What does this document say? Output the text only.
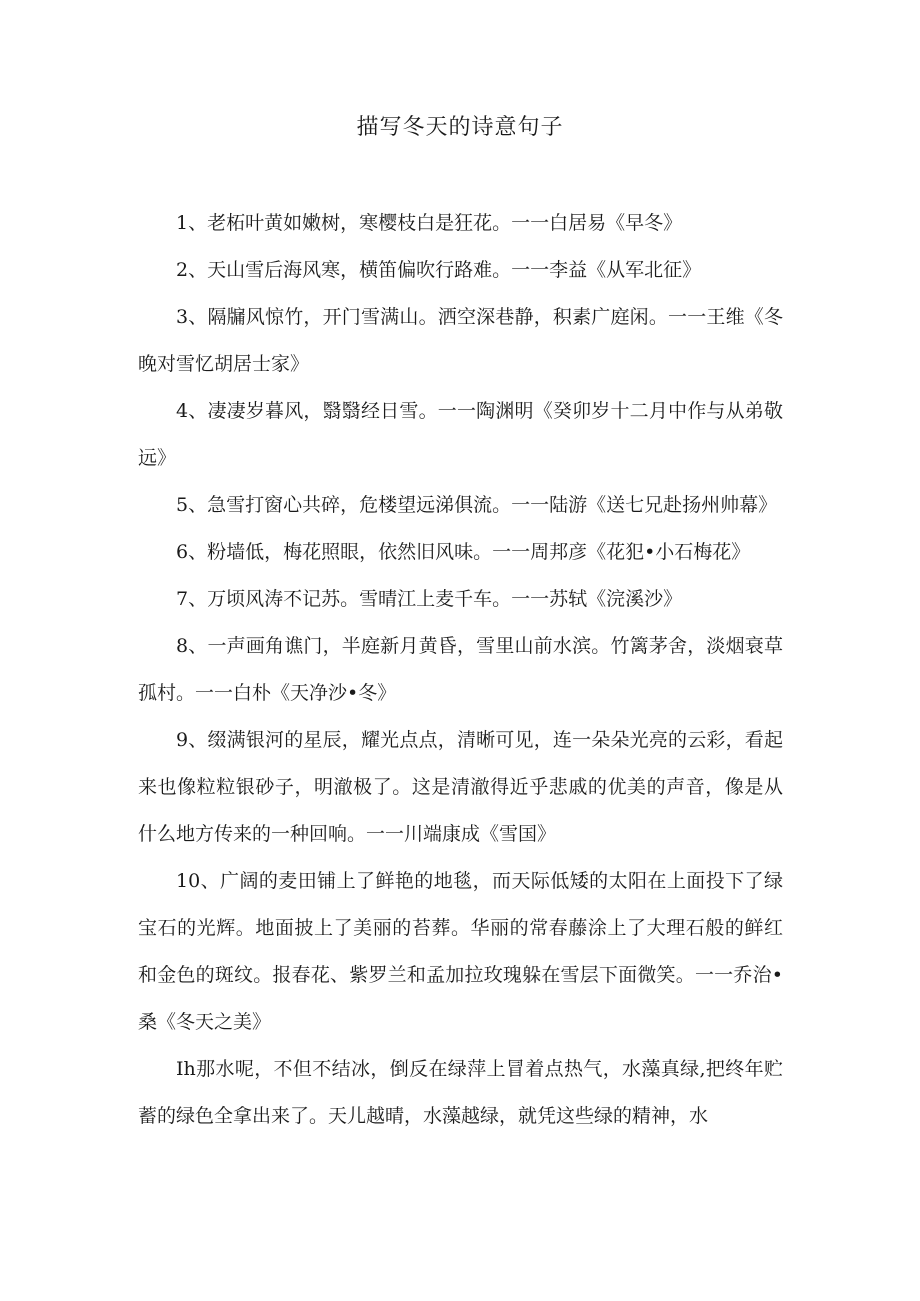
描写冬天的诗意句子

1、老柘叶黄如嫩树，寒樱枝白是狂花。一一白居易《早冬》

2、天山雪后海风寒，横笛偏吹行路难。一一李益《从军北征》

3、隔牖风惊竹，开门雪满山。洒空深巷静，积素广庭闲。一一王维《冬晚对雪忆胡居士家》

4、凄凄岁暮风，翳翳经日雪。一一陶渊明《癸卯岁十二月中作与从弟敬远》

5、急雪打窗心共碎，危楼望远涕俱流。一一陆游《送七兄赴扬州帅幕》

6、粉墙低，梅花照眼，依然旧风味。一一周邦彦《花犯•小石梅花》

7、万顷风涛不记苏。雪晴江上麦千车。一一苏轼《浣溪沙》

8、一声画角谯门，半庭新月黄昏，雪里山前水滨。竹篱茅舍，淡烟衰草孤村。一一白朴《天净沙•冬》

9、缀满银河的星辰，耀光点点，清晰可见，连一朵朵光亮的云彩，看起来也像粒粒银砂子，明澈极了。这是清澈得近乎悲戚的优美的声音，像是从什么地方传来的一种回响。一一川端康成《雪国》

10、广阔的麦田铺上了鲜艳的地毯，而天际低矮的太阳在上面投下了绿宝石的光辉。地面披上了美丽的苔葬。华丽的常春藤涂上了大理石般的鲜红和金色的斑纹。报春花、紫罗兰和孟加拉玫瑰躲在雪层下面微笑。一一乔治•桑《冬天之美》

Ih那水呢，不但不结冰，倒反在绿萍上冒着点热气，水藻真绿,把终年贮蓄的绿色全拿出来了。天儿越晴，水藻越绿，就凭这些绿的精神，水
